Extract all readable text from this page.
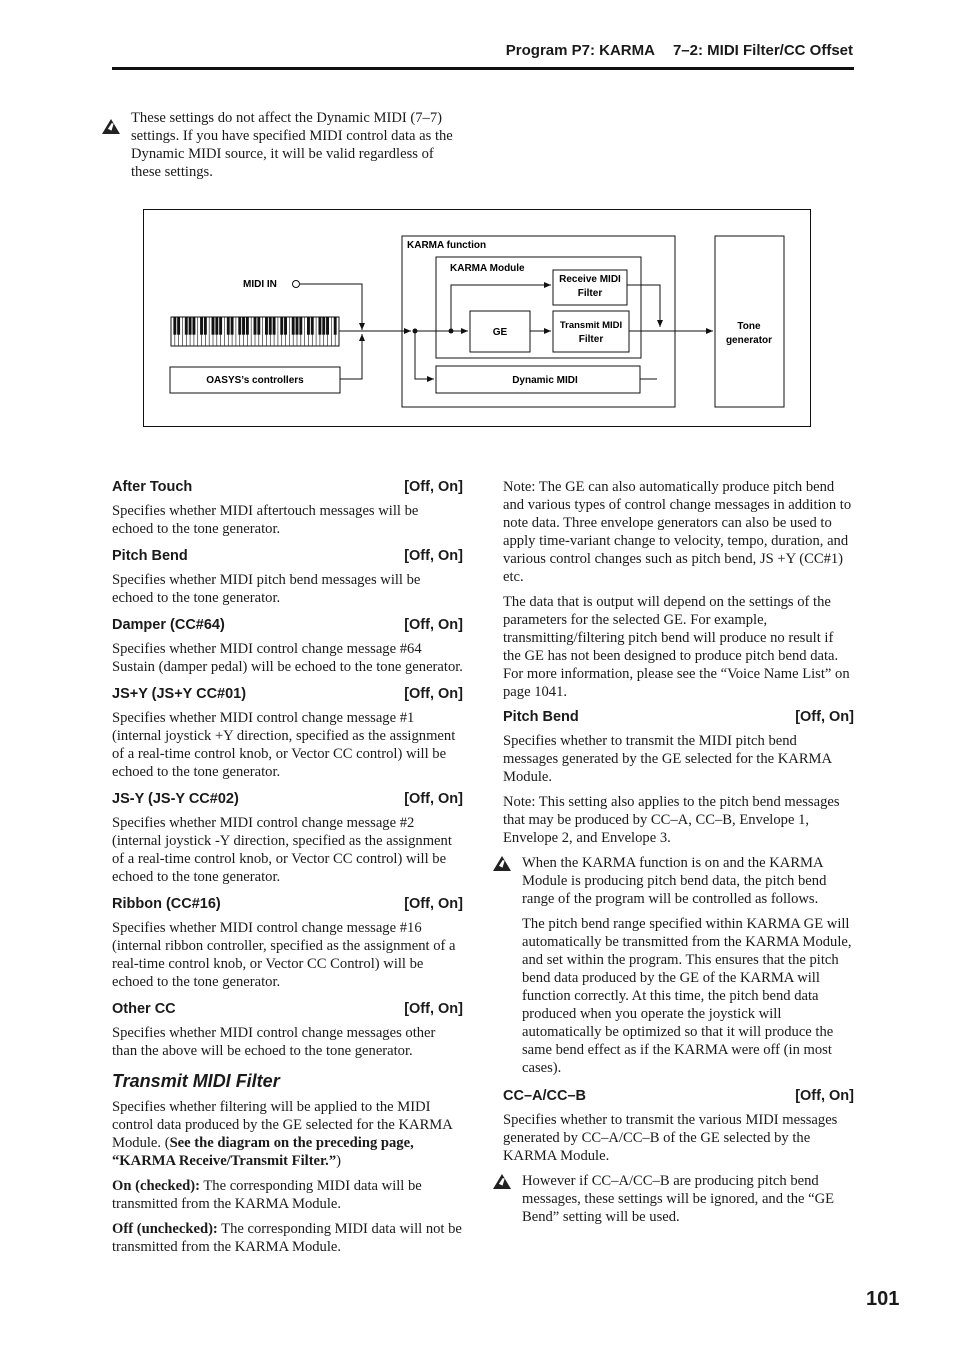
Program P7: KARMA 7–2: MIDI Filter/CC Offset
These settings do not affect the Dynamic MIDI (7–7) settings. If you have specified MIDI control data as the Dynamic MIDI source, it will be valid regardless of these settings.
MIDI IN
OASYS’s controllers
KARMA function
KARMA Module
Receive MIDI
Filter
GE
Transmit MIDI
Filter
Dynamic MIDI
Tone
generator
After Touch	[Off, On]

Specifies whether MIDI aftertouch messages will be echoed to the tone generator.

Pitch Bend	[Off, On]

Specifies whether MIDI pitch bend messages will be echoed to the tone generator.

Damper (CC#64)	[Off, On]

Specifies whether MIDI control change message #64 Sustain (damper pedal) will be echoed to the tone generator.

JS+Y (JS+Y CC#01)	[Off, On]

Specifies whether MIDI control change message #1 (internal joystick +Y direction, specified as the assignment of a real-time control knob, or Vector CC control) will be echoed to the tone generator.

JS-Y (JS-Y CC#02)	[Off, On]

Specifies whether MIDI control change message #2 (internal joystick -Y direction, specified as the assignment of a real-time control knob, or Vector CC control) will be echoed to the tone generator.

Ribbon (CC#16)	[Off, On]

Specifies whether MIDI control change message #16 (internal ribbon controller, specified as the assignment of a real-time control knob, or Vector CC Control) will be echoed to the tone generator.

Other CC	[Off, On]

Specifies whether MIDI control change messages other than the above will be echoed to the tone generator.

Transmit MIDI Filter

Specifies whether filtering will be applied to the MIDI control data produced by the GE selected for the KARMA Module. (See the diagram on the preceding page, “KARMA Receive/Transmit Filter.”)

On (checked): The corresponding MIDI data will be transmitted from the KARMA Module.

Off (unchecked): The corresponding MIDI data will not be transmitted from the KARMA Module.

Note: The GE can also automatically produce pitch bend and various types of control change messages in addition to note data. Three envelope generators can also be used to apply time-variant change to velocity, tempo, duration, and various control changes such as pitch bend, JS +Y (CC#1) etc.

The data that is output will depend on the settings of the parameters for the selected GE. For example, transmitting/filtering pitch bend will produce no result if the GE has not been designed to produce pitch bend data. For more information, please see the “Voice Name List” on page 1041.

Pitch Bend	[Off, On]

Specifies whether to transmit the MIDI pitch bend messages generated by the GE selected for the KARMA Module.

Note: This setting also applies to the pitch bend messages that may be produced by CC–A, CC–B, Envelope 1, Envelope 2, and Envelope 3.

When the KARMA function is on and the KARMA Module is producing pitch bend data, the pitch bend range of the program will be controlled as follows.

The pitch bend range specified within KARMA GE will automatically be transmitted from the KARMA Module, and set within the program. This ensures that the pitch bend data produced by the GE of the KARMA will function correctly. At this time, the pitch bend data produced when you operate the joystick will automatically be optimized so that it will produce the same bend effect as if the KARMA were off (in most cases).

CC–A/CC–B	[Off, On]

Specifies whether to transmit the various MIDI messages generated by CC–A/CC–B of the GE selected by the KARMA Module.

However if CC–A/CC–B are producing pitch bend messages, these settings will be ignored, and the “GE Bend” setting will be used.

101
